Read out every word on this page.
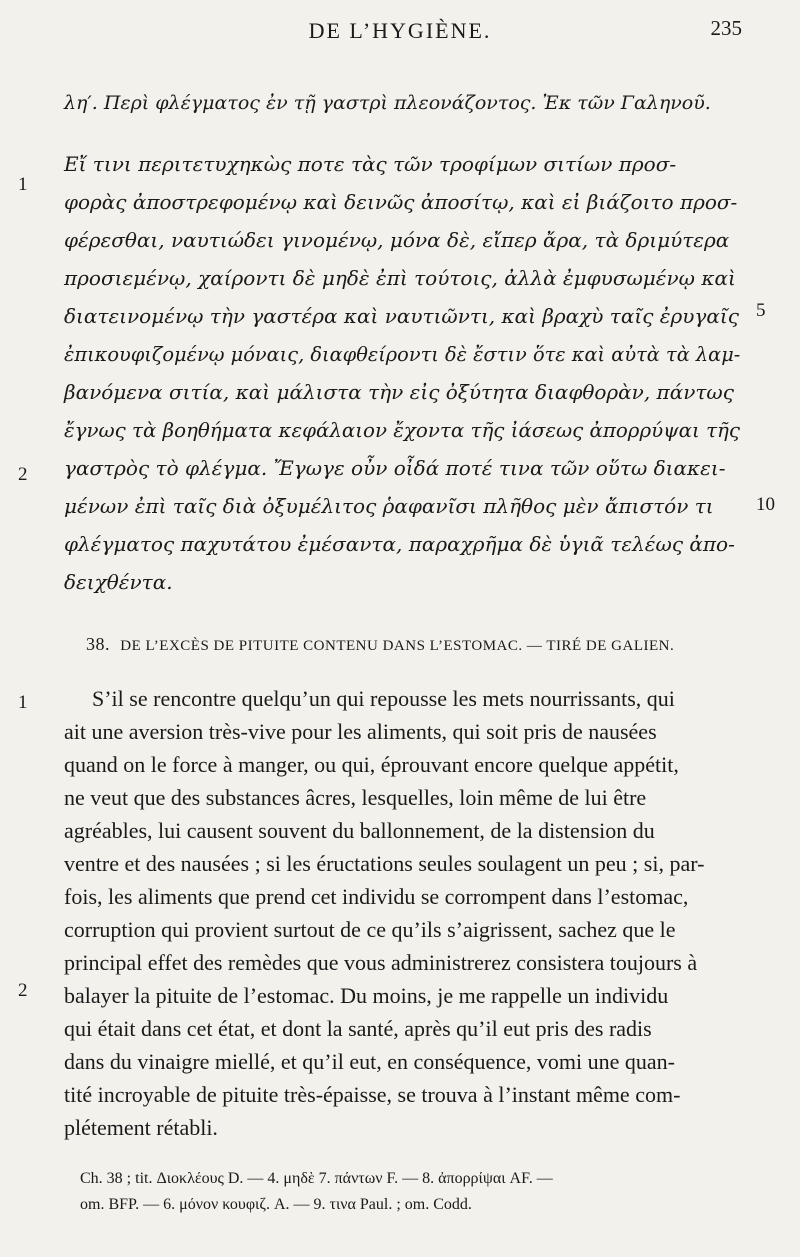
DE L’HYGIÈNE.	235
λη′. Περὶ φλέγματος ἐν τῇ γαστρὶ πλεονάζοντος. Ἐκ τῶν Γαληνοῦ.
Εἴ τινι περιτετυχηκὼς ποτε τὰς τῶν τροφίμων σιτίων προσ-
φορὰς ἀποστρεφομένῳ καὶ δεινῶς ἀποσίτῳ, καὶ εἰ βιάζοιτο προσ-
φέρεσθαι, ναυτιώδει γινομένῳ, μόνα δὲ, εἴπερ ἄρα, τὰ δριμύτερα
προσιεμένῳ, χαίροντι δὲ μηδὲ ἐπὶ τούτοις, ἀλλὰ ἐμφυσωμένῳ καὶ
διατεινομένῳ τὴν γαστέρα καὶ ναυτιῶντι, καὶ βραχὺ ταῖς ἐρυγαῖς
ἐπικουφιζομένῳ μόναις, διαφθείροντι δὲ ἔστιν ὅτε καὶ αὐτὰ τὰ λαμ-
βανόμενα σιτία, καὶ μάλιστα τὴν εἰς ὀξύτητα διαφθορὰν, πάντως
ἔγνως τὰ βοηθήματα κεφάλαιον ἔχοντα τῆς ἰάσεως ἀπορρύψαι τῆς
γαστρὸς τὸ φλέγμα. Ἔγωγε οὖν οἶδά ποτέ τινα τῶν οὕτω διακει-
μένων ἐπὶ ταῖς διὰ ὀξυμέλιτος ῥαφανῖσι πλῆθος μὲν ἄπιστόν τι
φλέγματος παχυτάτου ἐμέσαντα, παραχρῆμα δὲ ὑγιᾶ τελέως ἀπο-
δειχθέντα.
1
2
5
10
38. DE L’EXCÈS DE PITUITE CONTENU DANS L’ESTOMAC. — TIRÉ DE GALIEN.
S’il se rencontre quelqu’un qui repousse les mets nourrissants, qui
ait une aversion très-vive pour les aliments, qui soit pris de nausées
quand on le force à manger, ou qui, éprouvant encore quelque appétit,
ne veut que des substances âcres, lesquelles, loin même de lui être
agréables, lui causent souvent du ballonnement, de la distension du
ventre et des nausées ; si les éructations seules soulagent un peu ; si, par-
fois, les aliments que prend cet individu se corrompent dans l’estomac,
corruption qui provient surtout de ce qu’ils s’aigrissent, sachez que le
principal effet des remèdes que vous administrerez consistera toujours à
balayer la pituite de l’estomac. Du moins, je me rappelle un individu
qui était dans cet état, et dont la santé, après qu’il eut pris des radis
dans du vinaigre miellé, et qu’il eut, en conséquence, vomi une quan-
tité incroyable de pituite très-épaisse, se trouva à l’instant même com-
plétement rétabli.
1
2
Ch. 38 ; tit. Διοκλέους D. — 4. μηδὲ 7. πάντων F. — 8. ἀπορρίψαι AF. —
om. BFP. — 6. μόνον κουφιζ. A. — 9. τινα Paul. ; om. Codd.
